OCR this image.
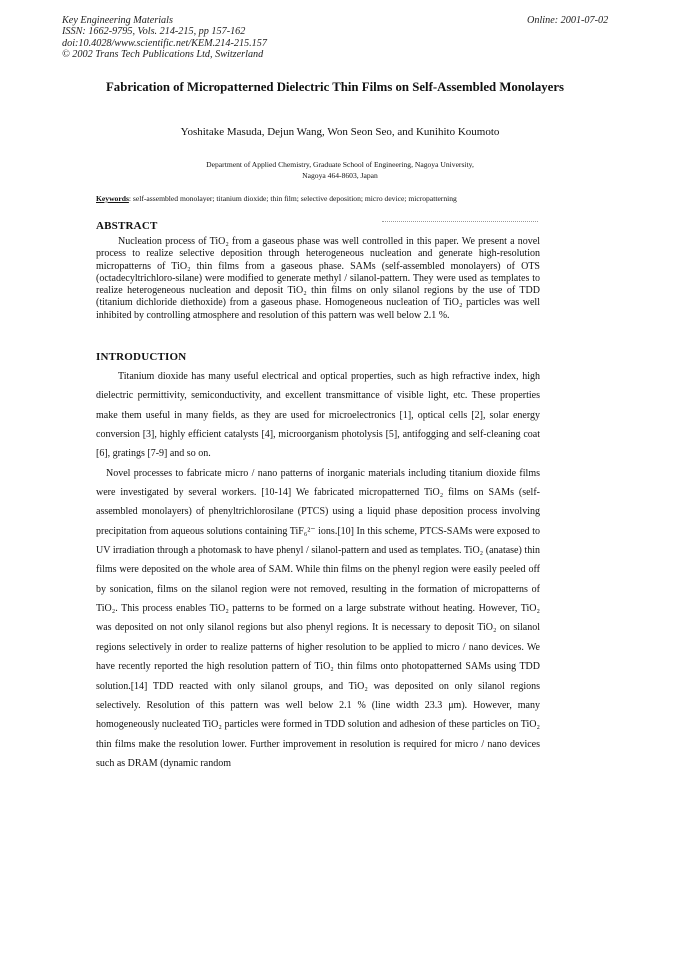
Key Engineering Materials
ISSN: 1662-9795, Vols. 214-215, pp 157-162
doi:10.4028/www.scientific.net/KEM.214-215.157
© 2002 Trans Tech Publications Ltd, Switzerland
Online: 2001-07-02
Fabrication of Micropatterned Dielectric Thin Films on Self-Assembled Monolayers
Yoshitake Masuda, Dejun Wang, Won Seon Seo, and Kunihito Koumoto
Department of Applied Chemistry, Graduate School of Engineering, Nagoya University,
Nagoya 464-8603, Japan
Keywords: self-assembled monolayer; titanium dioxide; thin film; selective deposition; micro device; micropatterning
ABSTRACT

Nucleation process of TiO₂ from a gaseous phase was well controlled in this paper. We present a novel process to realize selective deposition through heterogeneous nucleation and generate high-resolution micropatterns of TiO₂ thin films from a gaseous phase. SAMs (self-assembled monolayers) of OTS (octadecyltrichloro-silane) were modified to generate methyl / silanol-pattern. They were used as templates to realize heterogeneous nucleation and deposit TiO₂ thin films on only silanol regions by the use of TDD (titanium dichloride diethoxide) from a gaseous phase. Homogeneous nucleation of TiO₂ particles was well inhibited by controlling atmosphere and resolution of this pattern was well below 2.1 %.

INTRODUCTION

Titanium dioxide has many useful electrical and optical properties, such as high refractive index, high dielectric permittivity, semiconductivity, and excellent transmittance of visible light, etc. These properties make them useful in many fields, as they are used for microelectronics [1], optical cells [2], solar energy conversion [3], highly efficient catalysts [4], microorganism photolysis [5], antifogging and self-cleaning coat [6], gratings [7-9] and so on.

Novel processes to fabricate micro / nano patterns of inorganic materials including titanium dioxide films were investigated by several workers. [10-14] We fabricated micropatterned TiO₂ films on SAMs (self-assembled monolayers) of phenyltrichlorosilane (PTCS) using a liquid phase deposition process involving precipitation from aqueous solutions containing TiF₆²⁻ ions.[10] In this scheme, PTCS-SAMs were exposed to UV irradiation through a photomask to have phenyl / silanol-pattern and used as templates. TiO₂ (anatase) thin films were deposited on the whole area of SAM. While thin films on the phenyl region were easily peeled off by sonication, films on the silanol region were not removed, resulting in the formation of micropatterns of TiO₂. This process enables TiO₂ patterns to be formed on a large substrate without heating. However, TiO₂ was deposited on not only silanol regions but also phenyl regions. It is necessary to deposit TiO₂ on silanol regions selectively in order to realize patterns of higher resolution to be applied to micro / nano devices. We have recently reported the high resolution pattern of TiO₂ thin films onto photopatterned SAMs using TDD solution.[14] TDD reacted with only silanol groups, and TiO₂ was deposited on only silanol regions selectively. Resolution of this pattern was well below 2.1 % (line width 23.3 μm). However, many homogeneously nucleated TiO₂ particles were formed in TDD solution and adhesion of these particles on TiO₂ thin films make the resolution lower. Further improvement in resolution is required for micro / nano devices such as DRAM (dynamic random
